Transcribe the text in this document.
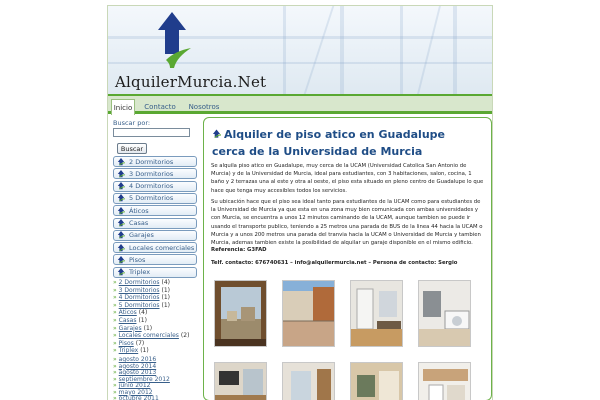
AlquilerMurcia.Net
Inicio	Contacto	Nosotros
Buscar por:
Buscar
2 Dormitorios
3 Dormitorios
4 Dormitorios
5 Dormitorios
Áticos
Casas
Garajes
Locales comerciales
Pisos
Triplex
» 2 Dormitorios (4)
» 3 Dormitorios (1)
» 4 Dormitorios (1)
» 5 Dormitorios (1)
» Áticos (4)
» Casas (1)
» Garajes (1)
» Locales comerciales (2)
» Pisos (7)
» Triplex (1)
» agosto 2016
» agosto 2014
» agosto 2013
» septiembre 2012
» junio 2012
» mayo 2012
» octubre 2011
Alquiler de piso atico en Guadalupe cerca de la Universidad de Murcia
Se alquila piso atico en Guadalupe, muy cerca de la UCAM (Universidad Catolica San Antonio de Murcia) y de la Universidad de Murcia, ideal para estudiantes, con 3 habitaciones, salon, cocina, 1 baño y 2 terrazas una al este y otra al oeste, el piso esta situado en pleno centro de Guadalupe lo que hace que tenga muy accesibles todos los servicios.
Su ubicación hace que el piso sea ideal tanto para estudiantes de la UCAM como para estudiantes de la Universidad de Murcia ya que esta en una zona muy bien comunicada con ambas universidades y con Murcia, se encuentra a unos 12 minutos caminando de la UCAM, aunque tambien se puede ir usando el transporte publico, teniendo a 25 metros una parada de BUS de la linea 44 hacia la UCAM o Murcia y a unos 200 metros una parada del tranvia hacia la UCAM o Universidad de Murcia y tambien Murcia, ademas tambien existe la posibilidad de alquilar un garaje disponible en el mismo edificio.
Referencia: G3FAD
Telf. contacto: 676740631 – info@alquilermurcia.net – Persona de contacto: Sergio
